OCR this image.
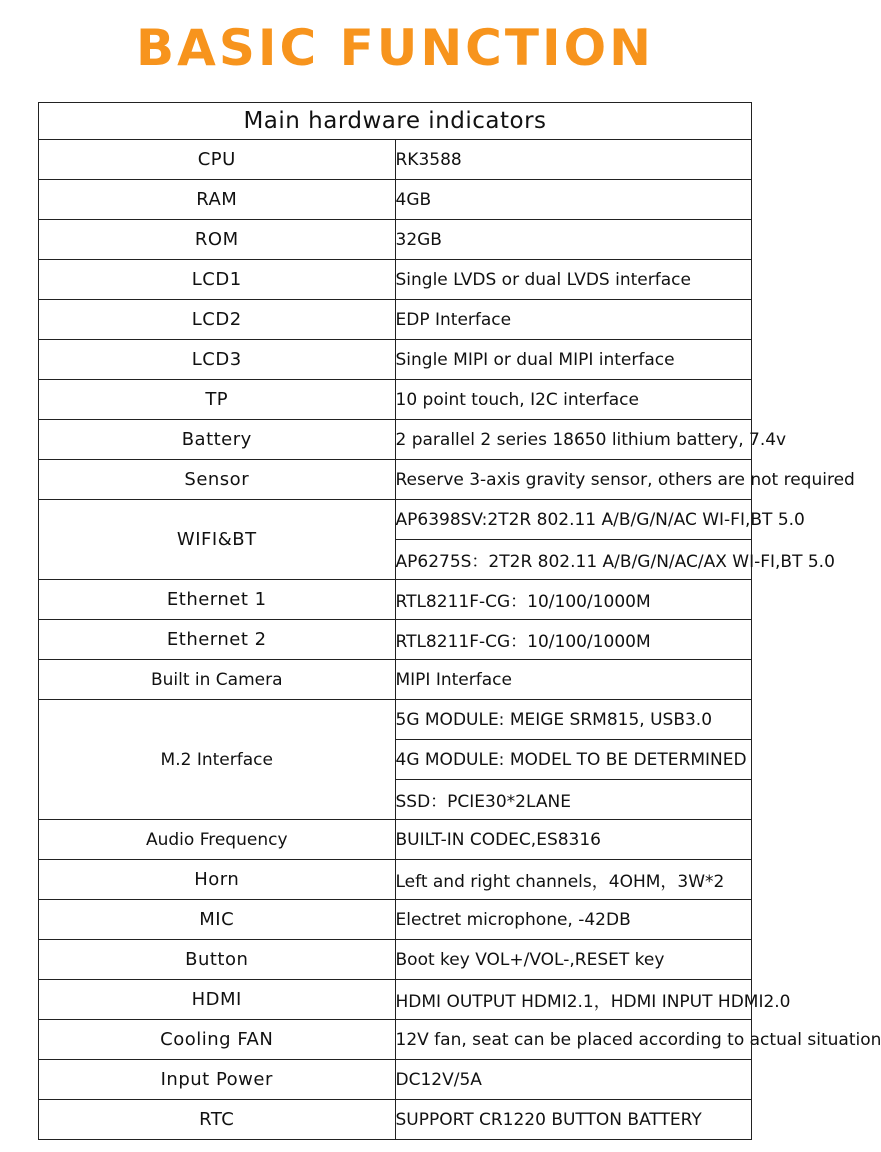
BASIC FUNCTION
Main hardware indicators	
CPU	RK3588
RAM	4GB
ROM	32GB
LCD1	Single LVDS or dual LVDS interface
LCD2	EDP Interface
LCD3	Single MIPI or dual MIPI interface
TP	10 point touch, I2C interface
Battery	2 parallel 2 series 18650 lithium battery, 7.4v
Sensor	Reserve 3-axis gravity sensor, others are not required
WIFI&BT	AP6398SV:2T2R 802.11 A/B/G/N/AC WI-FI,BT 5.0
	AP6275S：2T2R 802.11 A/B/G/N/AC/AX WI-FI,BT 5.0
Ethernet 1	RTL8211F-CG：10/100/1000M
Ethernet 2	RTL8211F-CG：10/100/1000M
Built in Camera	MIPI Interface
M.2 Interface	5G MODULE: MEIGE SRM815, USB3.0
	4G MODULE: MODEL TO BE DETERMINED
	SSD：PCIE30*2LANE
Audio Frequency	BUILT-IN CODEC,ES8316
Horn	Left and right channels，4OHM，3W*2
MIC	Electret microphone, -42DB
Button	Boot key VOL+/VOL-,RESET key
HDMI	HDMI OUTPUT HDMI2.1，HDMI INPUT HDMI2.0
Cooling FAN	12V fan, seat can be placed according to actual situation
Input Power	DC12V/5A
RTC	SUPPORT CR1220 BUTTON BATTERY
